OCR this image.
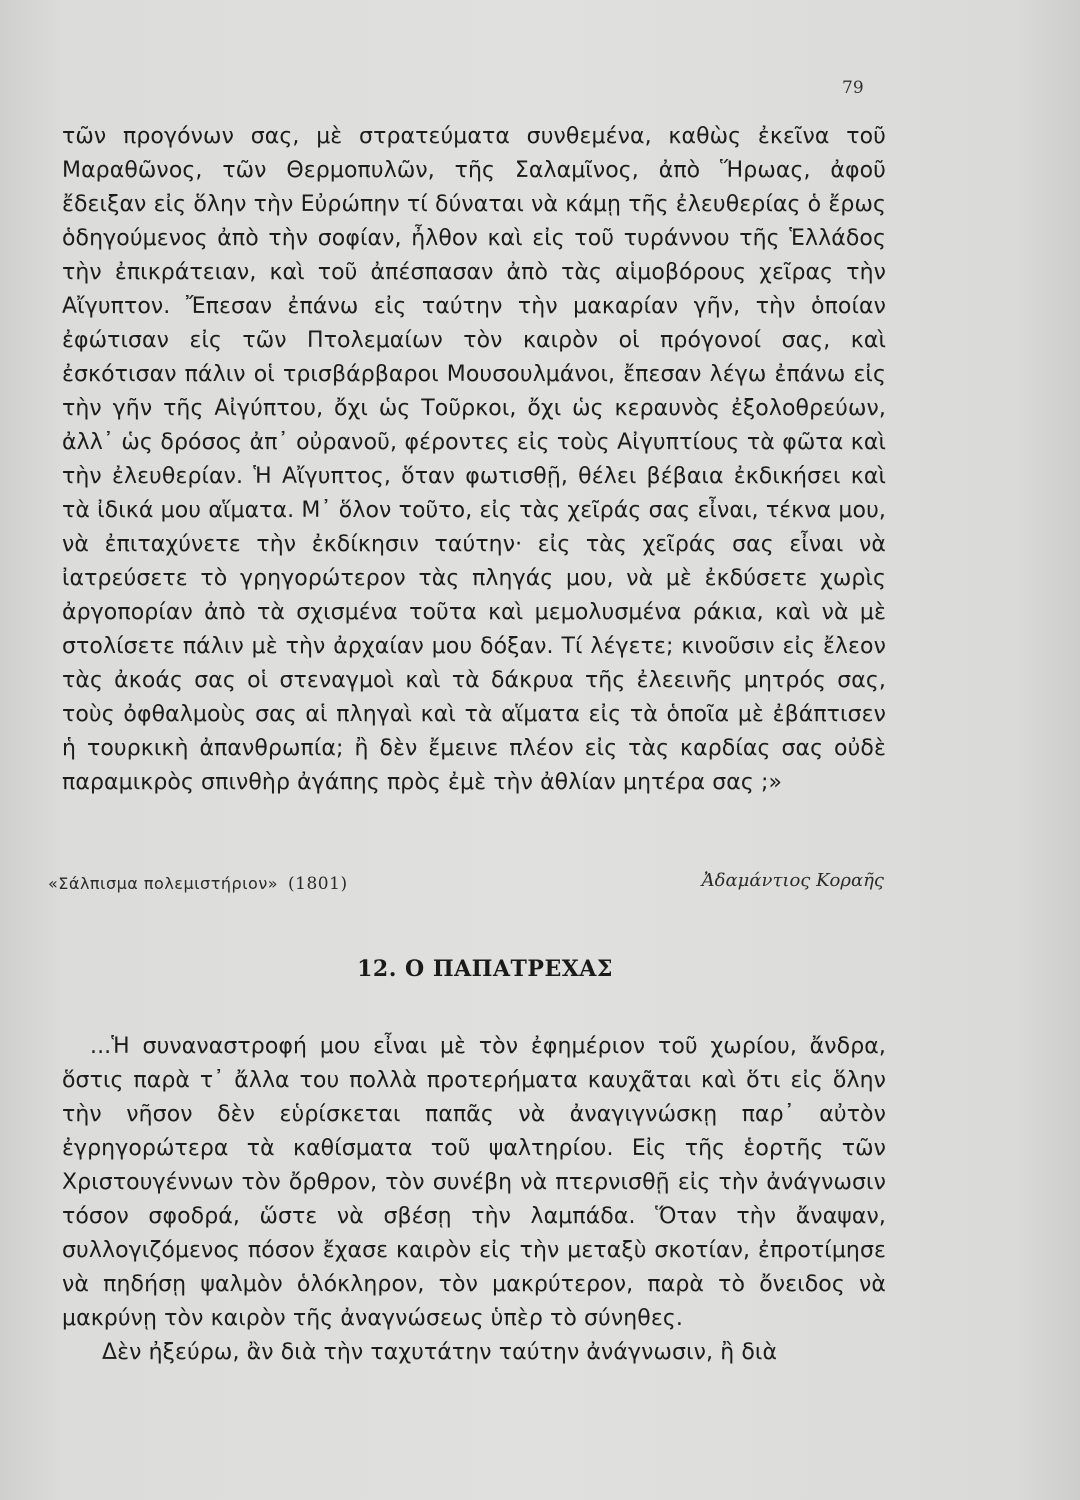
79

τῶν προγόνων σας, μὲ στρατεύματα συνθεμένα, καθὼς ἐκεῖνα τοῦ Μαραθῶνος, τῶν Θερμοπυλῶν, τῆς Σαλαμῖνος, ἀπὸ Ἥρωας, ἀφοῦ ἔδειξαν εἰς ὅλην τὴν Εὐρώπην τί δύναται νὰ κάμῃ τῆς ἐλευθερίας ὁ ἔρως ὁδηγούμενος ἀπὸ τὴν σοφίαν, ἦλθον καὶ εἰς τοῦ τυράννου τῆς Ἑλλάδος τὴν ἐπικράτειαν, καὶ τοῦ ἀπέσπασαν ἀπὸ τὰς αἱμοβόρους χεῖρας τὴν Αἴγυπτον. Ἔπεσαν ἐπάνω εἰς ταύτην τὴν μακαρίαν γῆν, τὴν ὁποίαν ἐφώτισαν εἰς τῶν Πτολεμαίων τὸν καιρὸν οἱ πρόγονοί σας, καὶ ἐσκότισαν πάλιν οἱ τρισβάρβαροι Μουσουλμάνοι, ἔπεσαν λέγω ἐπάνω εἰς τὴν γῆν τῆς Αἰγύπτου, ὄχι ὡς Τοῦρκοι, ὄχι ὡς κεραυνὸς ἐξολοθρεύων, ἀλλ᾽ ὡς δρόσος ἀπ᾽ οὐρανοῦ, φέροντες εἰς τοὺς Αἰγυπτίους τὰ φῶτα καὶ τὴν ἐλευθερίαν. Ἡ Αἴγυπτος, ὅταν φωτισθῇ, θέλει βέβαια ἐκδικήσει καὶ τὰ ἰδικά μου αἵματα. Μ᾽ ὅλον τοῦτο, εἰς τὰς χεῖράς σας εἶναι, τέκνα μου, νὰ ἐπιταχύνετε τὴν ἐκδίκησιν ταύτην· εἰς τὰς χεῖράς σας εἶναι νὰ ἰατρεύσετε τὸ γρηγορώτερον τὰς πληγάς μου, νὰ μὲ ἐκδύσετε χωρὶς ἀργοπορίαν ἀπὸ τὰ σχισμένα τοῦτα καὶ μεμολυσμένα ράκια, καὶ νὰ μὲ στολίσετε πάλιν μὲ τὴν ἀρχαίαν μου δόξαν. Τί λέγετε; κινοῦσιν εἰς ἔλεον τὰς ἀκοάς σας οἱ στεναγμοὶ καὶ τὰ δάκρυα τῆς ἐλεεινῆς μητρός σας, τοὺς ὀφθαλμοὺς σας αἱ πληγαὶ καὶ τὰ αἵματα εἰς τὰ ὁποῖα μὲ ἐβάπτισεν ἡ τουρκικὴ ἀπανθρωπία; ἢ δὲν ἔμεινε πλέον εἰς τὰς καρδίας σας οὐδὲ παραμικρὸς σπινθὴρ ἀγάπης πρὸς ἐμὲ τὴν ἀθλίαν μητέρα σας ;»

«Σάλπισμα πολεμιστήριον» (1801)	Ἀδαμάντιος Κοραῆς
12. Ο ΠΑΠΑΤΡΕΧΑΣ

...Ἡ συναναστροφή μου εἶναι μὲ τὸν ἐφημέριον τοῦ χωρίου, ἄνδρα, ὅστις παρὰ τ᾽ ἄλλα του πολλὰ προτερήματα καυχᾶται καὶ ὅτι εἰς ὅλην τὴν νῆσον δὲν εὑρίσκεται παπᾶς νὰ ἀναγιγνώσκῃ παρ᾽ αὐτὸν ἐγρηγορώτερα τὰ καθίσματα τοῦ ψαλτηρίου. Εἰς τῆς ἑορτῆς τῶν Χριστουγέννων τὸν ὄρθρον, τὸν συνέβη νὰ πτερνισθῇ εἰς τὴν ἀνάγνωσιν τόσον σφοδρά, ὥστε νὰ σβέσῃ τὴν λαμπάδα. Ὅταν τὴν ἄναψαν, συλλογιζόμενος πόσον ἔχασε καιρὸν εἰς τὴν μεταξὺ σκοτίαν, ἐπροτίμησε νὰ πηδήσῃ ψαλμὸν ὁλόκληρον, τὸν μακρύτερον, παρὰ τὸ ὄνειδος νὰ μακρύνῃ τὸν καιρὸν τῆς ἀναγνώσεως ὑπὲρ τὸ σύνηθες.

Δὲν ἠξεύρω, ἂν διὰ τὴν ταχυτάτην ταύτην ἀνάγνωσιν, ἢ διὰ
